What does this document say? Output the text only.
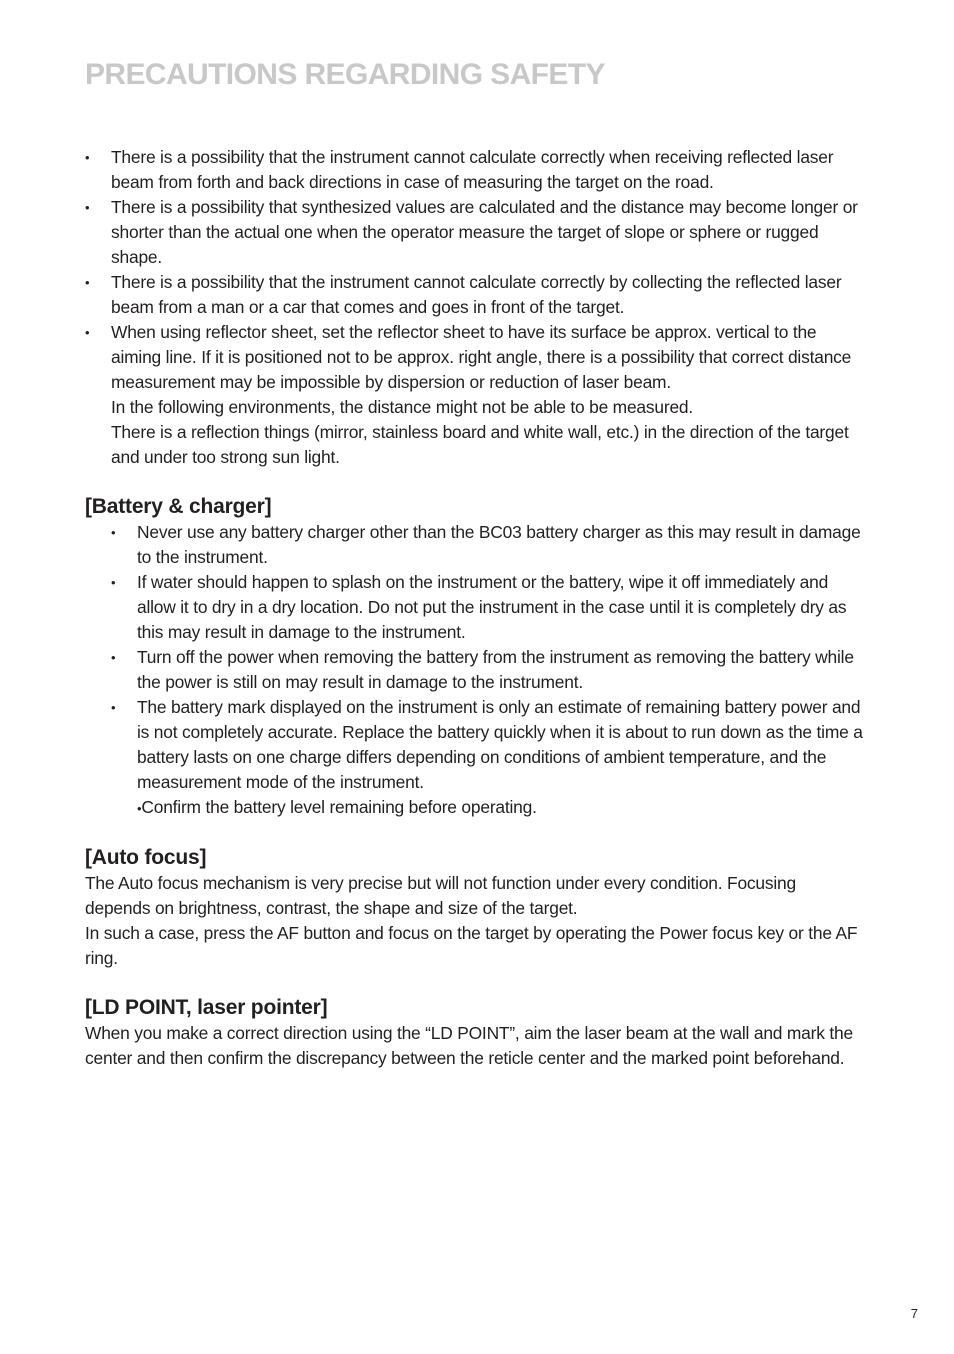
PRECAUTIONS REGARDING SAFETY
• There is a possibility that the instrument cannot calculate correctly when receiving reflected laser beam from forth and back directions in case of measuring the target on the road.
• There is a possibility that synthesized values are calculated and the distance may become longer or shorter than the actual one when the operator measure the target of slope or sphere or rugged shape.
• There is a possibility that the instrument cannot calculate correctly by collecting the reflected laser beam from a man or a car that comes and goes in front of the target.
• When using reflector sheet, set the reflector sheet to have its surface be approx. vertical to the aiming line. If it is positioned not to be approx. right angle, there is a possibility that correct distance measurement may be impossible by dispersion or reduction of laser beam.
In the following environments, the distance might not be able to be measured.
There is a reflection things (mirror, stainless board and white wall, etc.) in the direction of the target and under too strong sun light.
[Battery & charger]
• Never use any battery charger other than the BC03 battery charger as this may result in damage to the instrument.
• If water should happen to splash on the instrument or the battery, wipe it off immediately and allow it to dry in a dry location. Do not put the instrument in the case until it is completely dry as this may result in damage to the instrument.
• Turn off the power when removing the battery from the instrument as removing the battery while the power is still on may result in damage to the instrument.
• The battery mark displayed on the instrument is only an estimate of remaining battery power and is not completely accurate. Replace the battery quickly when it is about to run down as the time a battery lasts on one charge differs depending on conditions of ambient temperature, and the measurement mode of the instrument.
• Confirm the battery level remaining before operating.
[Auto focus]

The Auto focus mechanism is very precise but will not function under every condition. Focusing depends on brightness, contrast, the shape and size of the target.

In such a case, press the AF button and focus on the target by operating the Power focus key or the AF ring.

[LD POINT, laser pointer]

When you make a correct direction using the “LD POINT”, aim the laser beam at the wall and mark the center and then confirm the discrepancy between the reticle center and the marked point beforehand.

7
